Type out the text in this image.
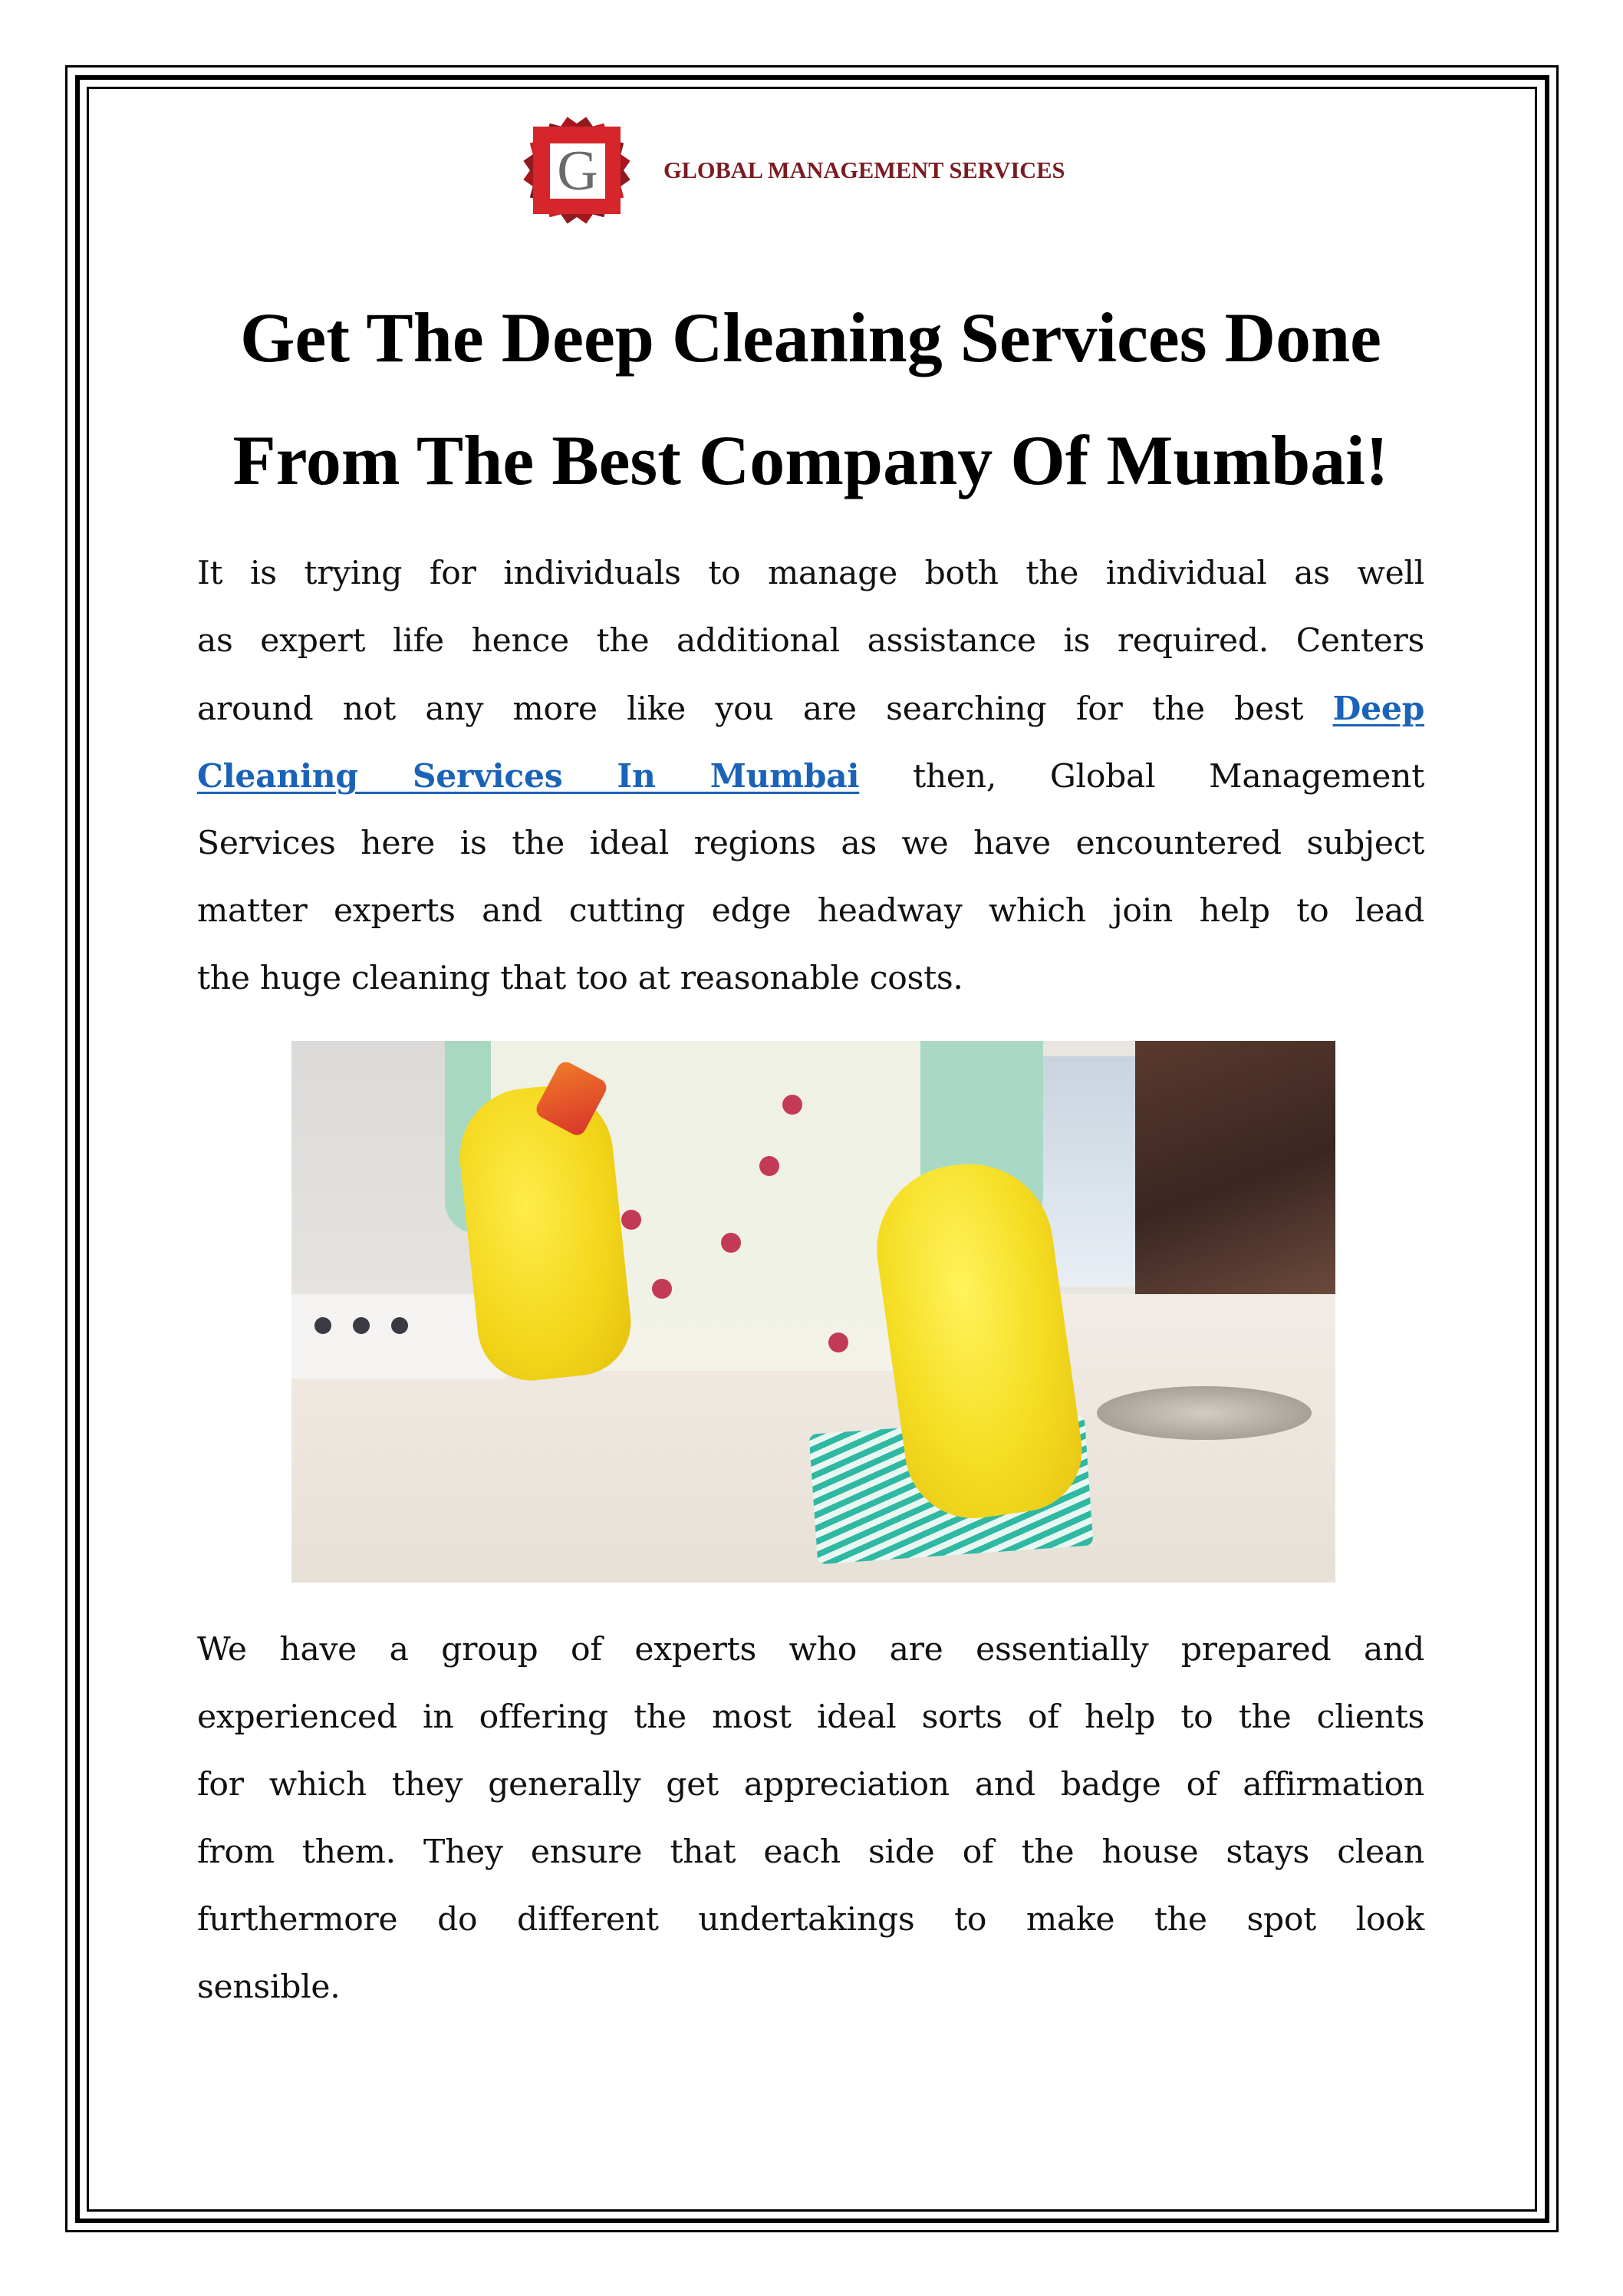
G	GLOBAL MANAGEMENT SERVICES
Get The Deep Cleaning Services Done
From The Best Company Of Mumbai!

It is trying for individuals to manage both the individual as well
as expert life hence the additional assistance is required. Centers
around not any more like you are searching for the best Deep
Cleaning Services In Mumbai then, Global Management
Services here is the ideal regions as we have encountered subject
matter experts and cutting edge headway which join help to lead
the huge cleaning that too at reasonable costs.

We have a group of experts who are essentially prepared and
experienced in offering the most ideal sorts of help to the clients
for which they generally get appreciation and badge of affirmation
from them. They ensure that each side of the house stays clean
furthermore do different undertakings to make the spot look
sensible.
